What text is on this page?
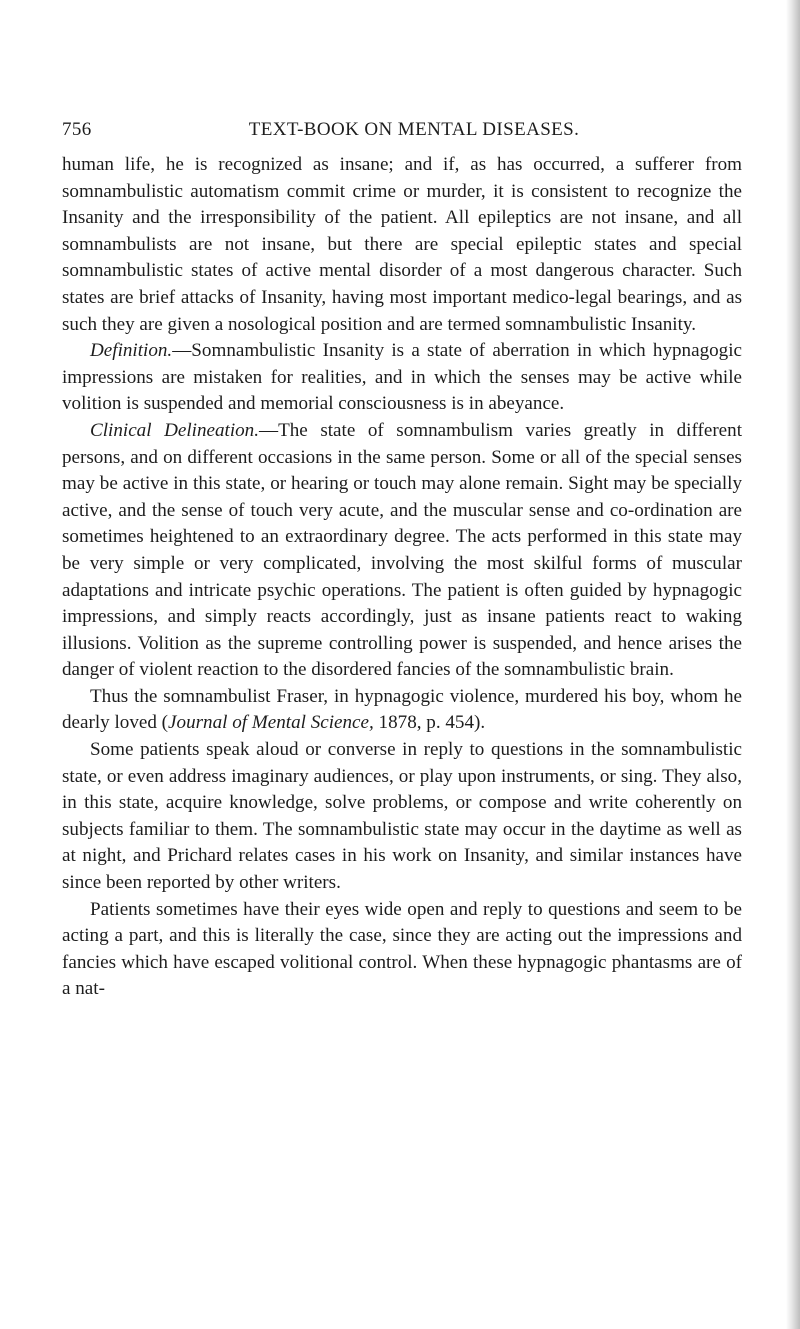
756	TEXT-BOOK ON MENTAL DISEASES.

human life, he is recognized as insane; and if, as has occurred, a sufferer from somnambulistic automatism commit crime or murder, it is consistent to recognize the Insanity and the irresponsibility of the patient. All epileptics are not insane, and all somnambulists are not insane, but there are special epileptic states and special somnambulistic states of active mental disorder of a most dangerous character. Such states are brief attacks of Insanity, having most important medico-legal bearings, and as such they are given a nosological position and are termed somnambulistic Insanity.

Definition.—Somnambulistic Insanity is a state of aberration in which hypnagogic impressions are mistaken for realities, and in which the senses may be active while volition is suspended and memorial consciousness is in abeyance.

Clinical Delineation.—The state of somnambulism varies greatly in different persons, and on different occasions in the same person. Some or all of the special senses may be active in this state, or hearing or touch may alone remain. Sight may be specially active, and the sense of touch very acute, and the muscular sense and co-ordination are sometimes heightened to an extraordinary degree. The acts performed in this state may be very simple or very complicated, involving the most skilful forms of muscular adaptations and intricate psychic operations. The patient is often guided by hypnagogic impressions, and simply reacts accordingly, just as insane patients react to waking illusions. Volition as the supreme controlling power is suspended, and hence arises the danger of violent reaction to the disordered fancies of the somnambulistic brain.

Thus the somnambulist Fraser, in hypnagogic violence, murdered his boy, whom he dearly loved (Journal of Mental Science, 1878, p. 454).

Some patients speak aloud or converse in reply to questions in the somnambulistic state, or even address imaginary audiences, or play upon instruments, or sing. They also, in this state, acquire knowledge, solve problems, or compose and write coherently on subjects familiar to them. The somnambulistic state may occur in the daytime as well as at night, and Prichard relates cases in his work on Insanity, and similar instances have since been reported by other writers.

Patients sometimes have their eyes wide open and reply to questions and seem to be acting a part, and this is literally the case, since they are acting out the impressions and fancies which have escaped volitional control. When these hypnagogic phantasms are of a nat-
